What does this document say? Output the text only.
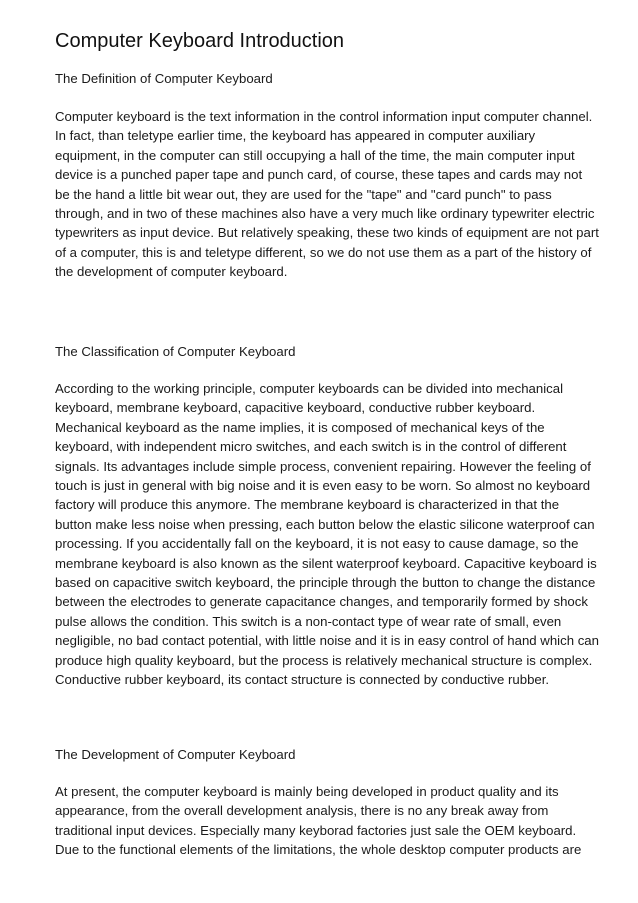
Computer Keyboard Introduction
The Definition of Computer Keyboard
Computer keyboard is the text information in the control information input computer channel.
In fact, than teletype earlier time, the keyboard has appeared in computer auxiliary
equipment, in the computer can still occupying a hall of the time, the main computer input
device is a punched paper tape and punch card, of course, these tapes and cards may not
be the hand a little bit wear out, they are used for the "tape" and "card punch" to pass
through, and in two of these machines also have a very much like ordinary typewriter electric
typewriters as input device. But relatively speaking, these two kinds of equipment are not part
of a computer, this is and teletype different, so we do not use them as a part of the history of
the development of computer keyboard.
The Classification of Computer Keyboard
According to the working principle, computer keyboards can be divided into mechanical
keyboard, membrane keyboard, capacitive keyboard, conductive rubber keyboard.
Mechanical keyboard as the name implies, it is composed of mechanical keys of the
keyboard, with independent micro switches, and each switch is in the control of different
signals. Its advantages include simple process, convenient repairing. However the feeling of
touch is just in general with big noise and it is even easy to be worn. So almost no keyboard
factory will produce this anymore. The membrane keyboard is characterized in that the
button make less noise when pressing, each button below the elastic silicone waterproof can
processing. If you accidentally fall on the keyboard, it is not easy to cause damage, so the
membrane keyboard is also known as the silent waterproof keyboard. Capacitive keyboard is
based on capacitive switch keyboard, the principle through the button to change the distance
between the electrodes to generate capacitance changes, and temporarily formed by shock
pulse allows the condition. This switch is a non-contact type of wear rate of small, even
negligible, no bad contact potential, with little noise and it is in easy control of hand which can
produce high quality keyboard, but the process is relatively mechanical structure is complex.
Conductive rubber keyboard, its contact structure is connected by conductive rubber.
The Development of Computer Keyboard
At present, the computer keyboard is mainly being developed in product quality and its
appearance, from the overall development analysis, there is no any break away from
traditional input devices. Especially many keyborad factories just sale the OEM keyboard.
Due to the functional elements of the limitations, the whole desktop computer products are
